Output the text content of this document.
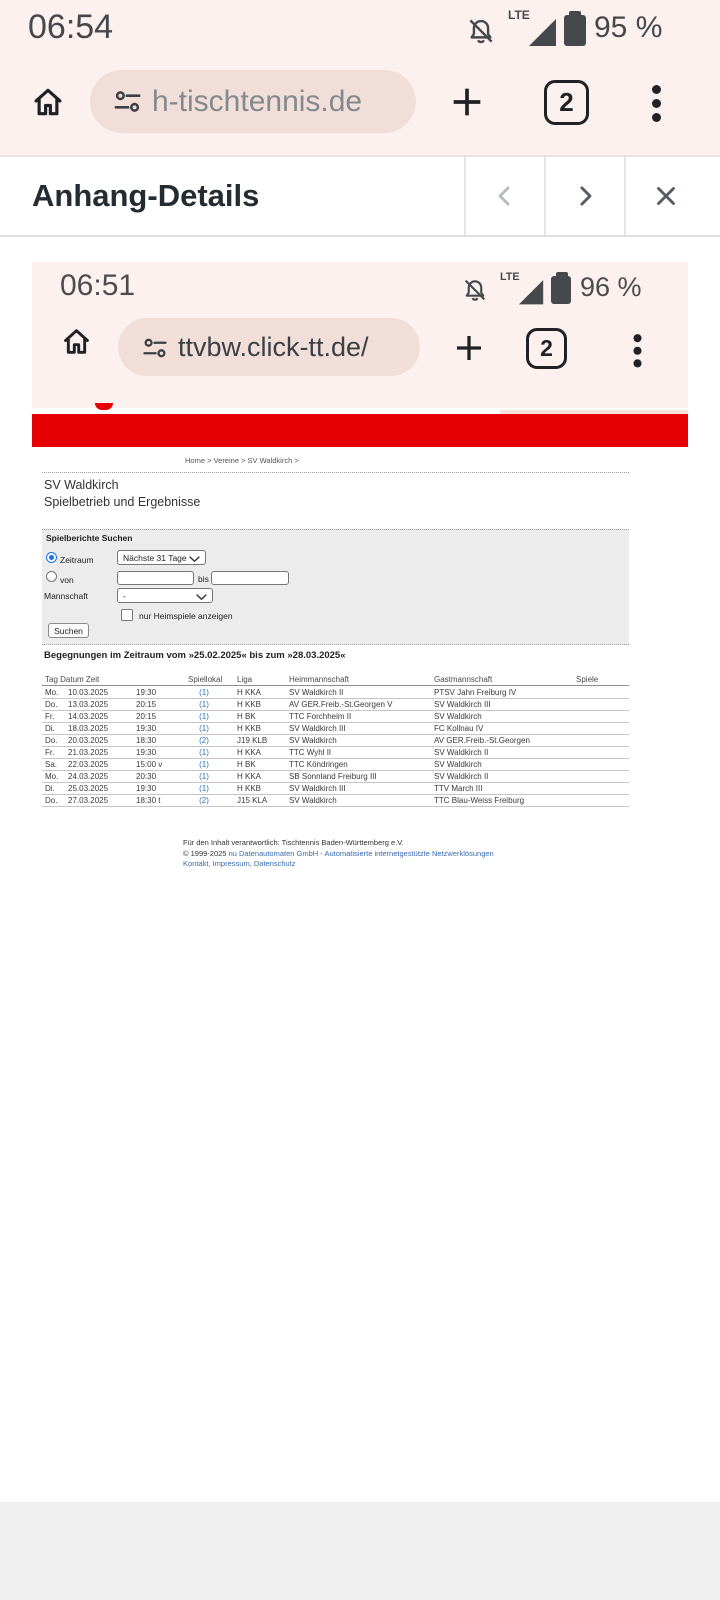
06:54	LTE 95 %
h-tischtennis.de	2
Anhang-Details
06:51	LTE 96 %
ttvbw.click-tt.de/	2
Home > Vereine > SV Waldkirch >
SV Waldkirch
Spielbetrieb und Ergebnisse
Spielberichte Suchen
Zeitraum	Nächste 31 Tage
von	bis
Mannschaft	-
nur Heimspiele anzeigen
Suchen
Begegnungen im Zeitraum vom »25.02.2025« bis zum »28.03.2025«
Tag Datum Zeit	Spiellokal Liga	Heimmannschaft	Gastmannschaft	Spiele
Mo. 10.03.2025	19:30	(1)	H KKA	SV Waldkirch II	PTSV Jahn Freiburg IV
Do. 13.03.2025	20:15	(1)	H KKB	AV GER.Freib.-St.Georgen V	SV Waldkirch III
Fr. 14.03.2025	20:15	(1)	H BK	TTC Forchheim II	SV Waldkirch
Di. 18.03.2025	19:30	(1)	H KKB	SV Waldkirch III	FC Kollnau IV
Do. 20.03.2025	18:30	(2)	J19 KLB	SV Waldkirch	AV GER.Freib.-St.Georgen
Fr. 21.03.2025	19:30	(1)	H KKA	TTC Wyhl II	SV Waldkirch II
Sa. 22.03.2025	15:00 v	(1)	H BK	TTC Köndringen	SV Waldkirch
Mo. 24.03.2025	20:30	(1)	H KKA	SB Sonnland Freiburg III	SV Waldkirch II
Di. 25.03.2025	19:30	(1)	H KKB	SV Waldkirch III	TTV March III
Do. 27.03.2025	18:30 t	(2)	J15 KLA	SV Waldkirch	TTC Blau-Weiss Freiburg
Für den Inhalt verantwortlich: Tischtennis Baden-Württemberg e.V.
© 1999-2025 nu Datenautomaten GmbH - Automatisierte internetgestützte Netzwerklösungen
Kontakt, Impressum, Datenschutz
